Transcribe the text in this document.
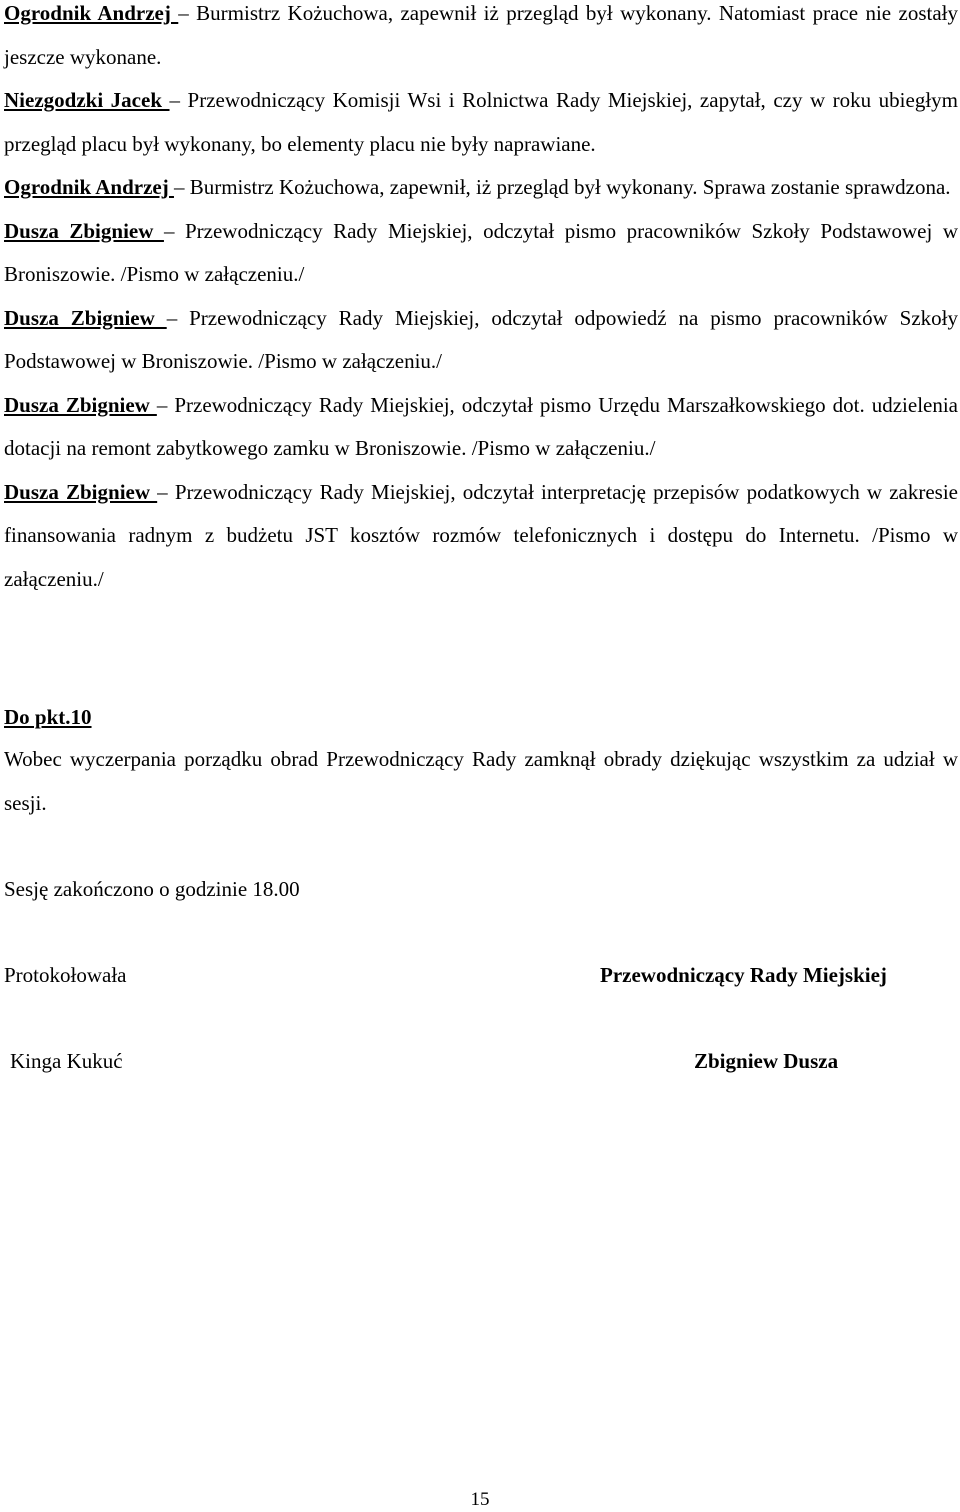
Ogrodnik Andrzej – Burmistrz Kożuchowa, zapewnił iż przegląd był wykonany. Natomiast prace nie zostały jeszcze wykonane.

Niezgodzki Jacek – Przewodniczący Komisji Wsi i Rolnictwa Rady Miejskiej, zapytał, czy w roku ubiegłym przegląd placu był wykonany, bo elementy placu nie były naprawiane.

Ogrodnik Andrzej – Burmistrz Kożuchowa, zapewnił, iż przegląd był wykonany. Sprawa zostanie sprawdzona.

Dusza Zbigniew – Przewodniczący Rady Miejskiej, odczytał pismo pracowników Szkoły Podstawowej w Broniszowie. /Pismo w załączeniu./

Dusza Zbigniew – Przewodniczący Rady Miejskiej, odczytał odpowiedź na pismo pracowników Szkoły Podstawowej w Broniszowie. /Pismo w załączeniu./

Dusza Zbigniew – Przewodniczący Rady Miejskiej, odczytał pismo Urzędu Marszałkowskiego dot. udzielenia dotacji na remont zabytkowego zamku w Broniszowie. /Pismo w załączeniu./

Dusza Zbigniew – Przewodniczący Rady Miejskiej, odczytał interpretację przepisów podatkowych w zakresie finansowania radnym z budżetu JST kosztów rozmów telefonicznych i dostępu do Internetu. /Pismo w załączeniu./

Do pkt.10

Wobec wyczerpania porządku obrad Przewodniczący Rady zamknął obrady dziękując wszystkim za udział w sesji.

Sesję zakończono o godzinie 18.00

Protokołowała	Przewodniczący Rady Miejskiej

Kinga Kukuć	Zbigniew Dusza

15
